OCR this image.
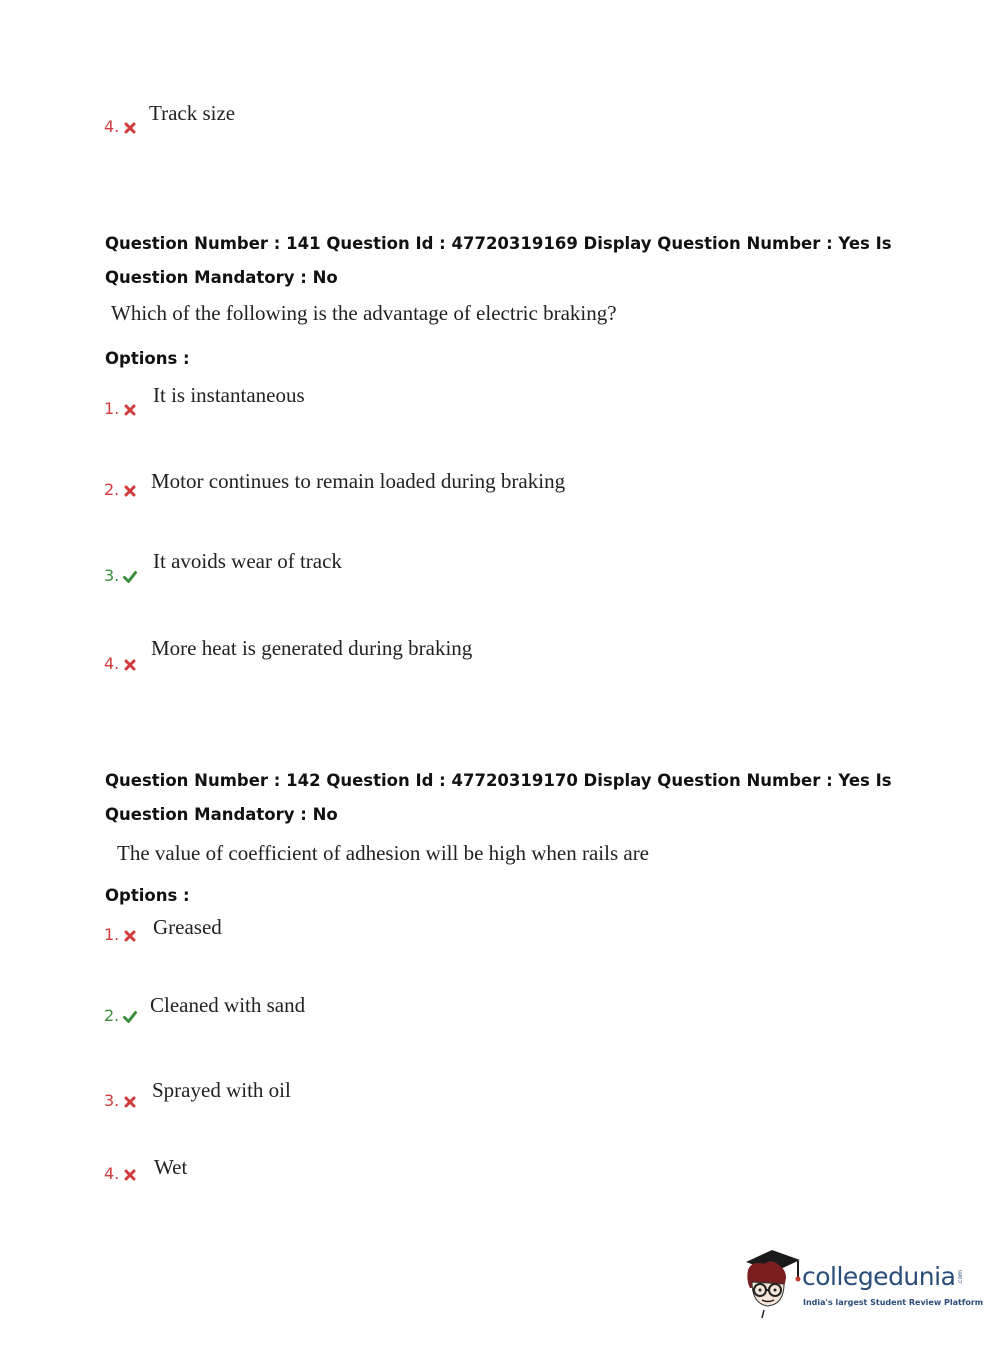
4.
Track size
Question Number : 141 Question Id : 47720319169 Display Question Number : Yes Is Question Mandatory : No
Which of the following is the advantage of electric braking?
Options :
1.
It is instantaneous
2.	Motor continues to remain loaded during braking
3.
It avoids wear of track
4.
More heat is generated during braking
Question Number : 142 Question Id : 47720319170 Display Question Number : Yes Is Question Mandatory : No
The value of coefficient of adhesion will be high when rails are
Options :
1.	Greased
2.	Cleaned with sand
3.	Sprayed with oil
4.	Wet
collegedunia .com
India's largest Student Review Platform
